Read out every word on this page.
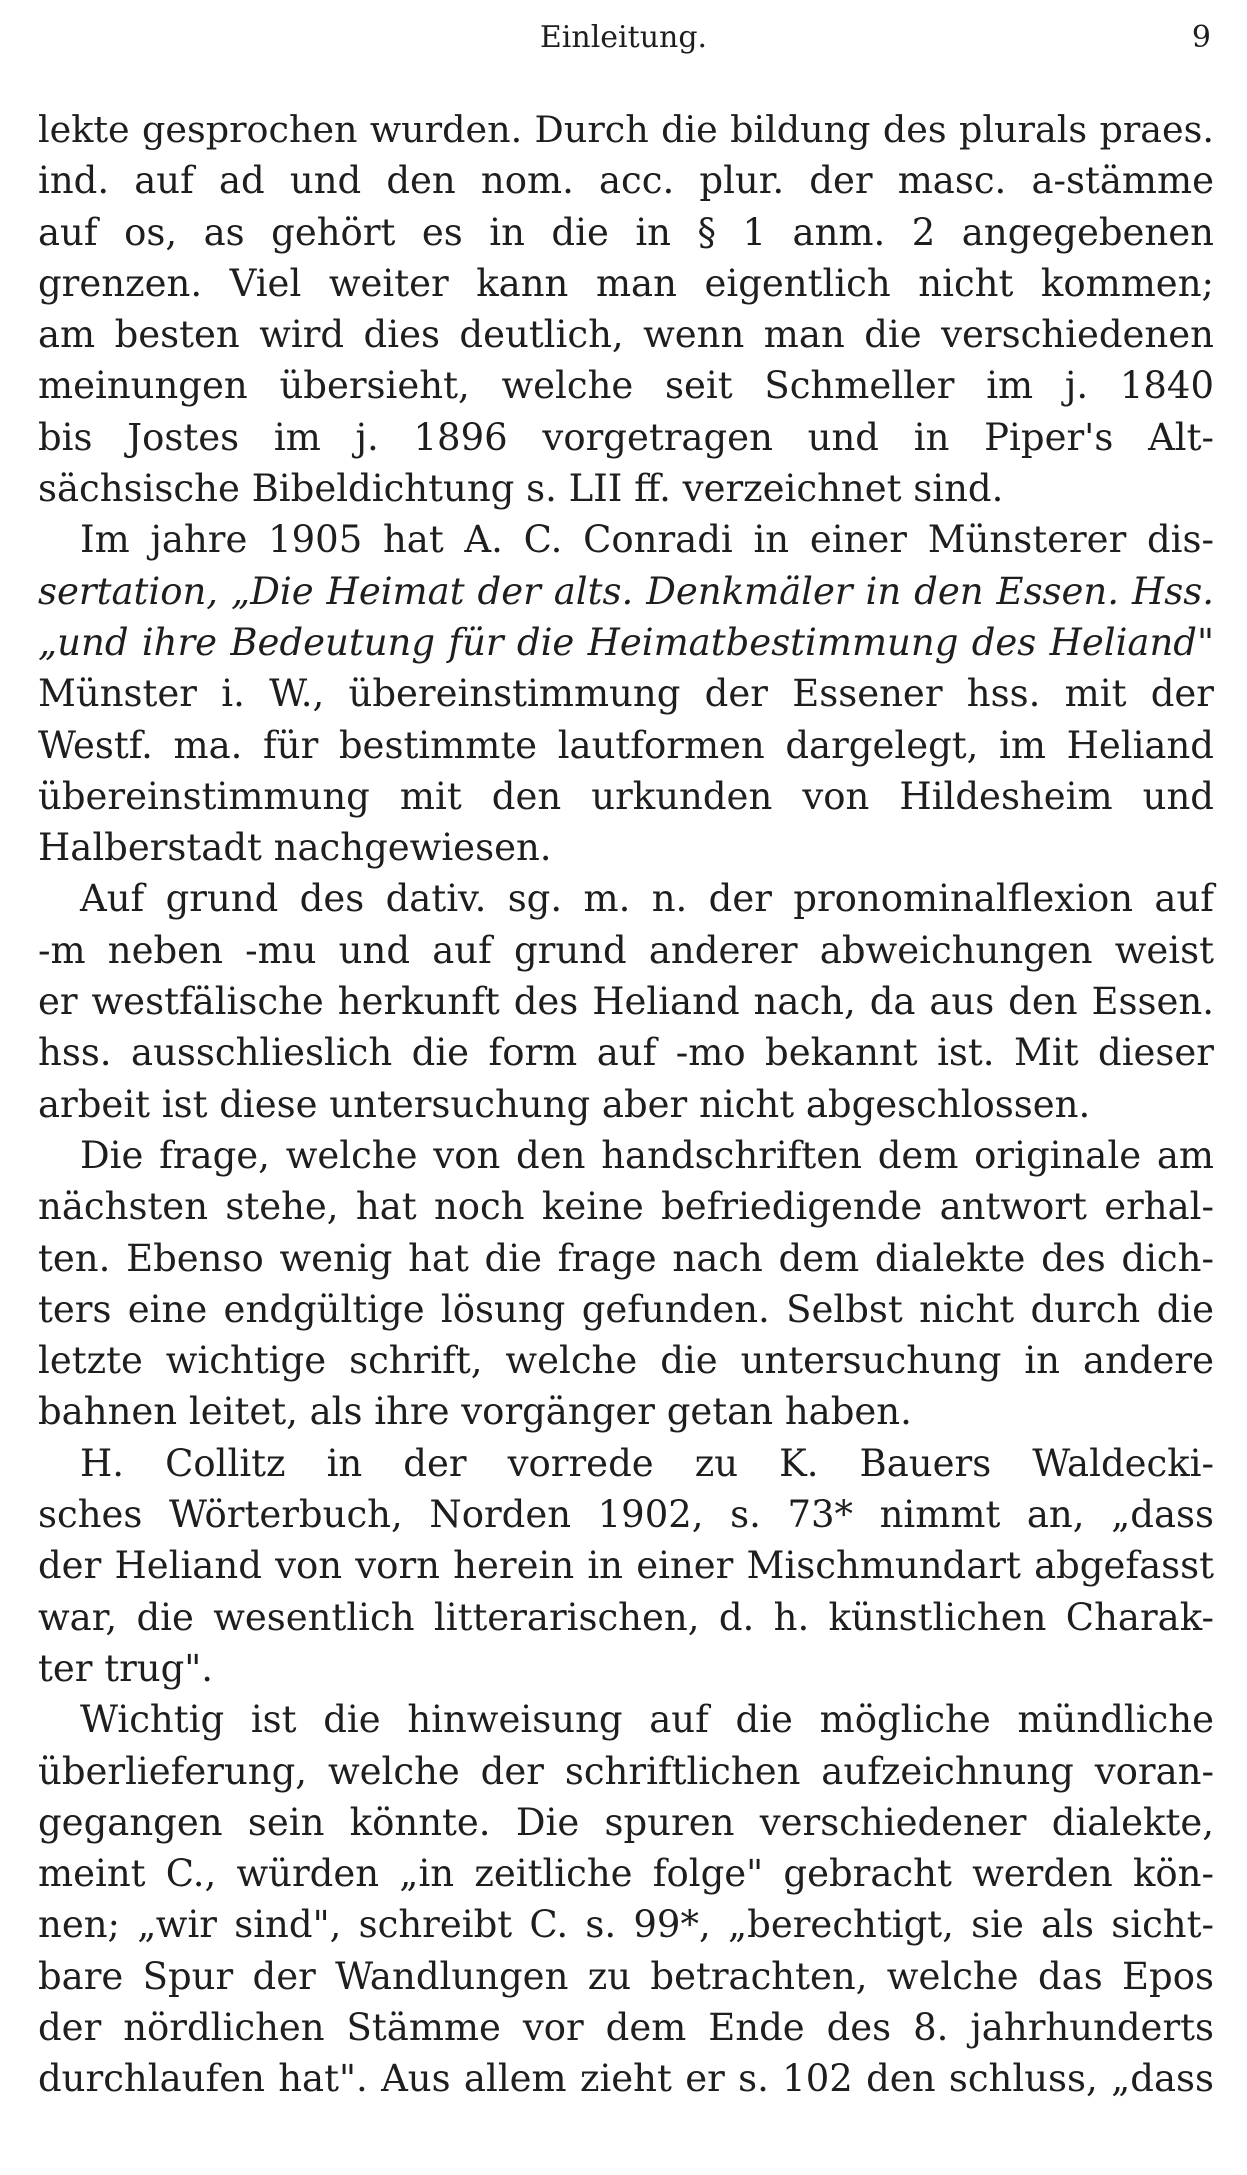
Einleitung.	9
lekte gesprochen wurden. Durch die bildung des plurals praes.
ind. auf ad und den nom. acc. plur. der masc. a-stämme
auf os, as gehört es in die in § 1 anm. 2 angegebenen
grenzen. Viel weiter kann man eigentlich nicht kommen;
am besten wird dies deutlich, wenn man die verschiedenen
meinungen übersieht, welche seit Schmeller im j. 1840
bis Jostes im j. 1896 vorgetragen und in Piper's Alt-
sächsische Bibeldichtung s. LII ff. verzeichnet sind.
Im jahre 1905 hat A. C. Conradi in einer Münsterer dis-
sertation, „Die Heimat der alts. Denkmäler in den Essen. Hss.
„und ihre Bedeutung für die Heimatbestimmung des Heliand"
Münster i. W., übereinstimmung der Essener hss. mit der
Westf. ma. für bestimmte lautformen dargelegt, im Heliand
übereinstimmung mit den urkunden von Hildesheim und
Halberstadt nachgewiesen.
Auf grund des dativ. sg. m. n. der pronominalflexion auf
-m neben -mu und auf grund anderer abweichungen weist
er westfälische herkunft des Heliand nach, da aus den Essen.
hss. ausschlieslich die form auf -mo bekannt ist. Mit dieser
arbeit ist diese untersuchung aber nicht abgeschlossen.
Die frage, welche von den handschriften dem originale am
nächsten stehe, hat noch keine befriedigende antwort erhal-
ten. Ebenso wenig hat die frage nach dem dialekte des dich-
ters eine endgültige lösung gefunden. Selbst nicht durch die
letzte wichtige schrift, welche die untersuchung in andere
bahnen leitet, als ihre vorgänger getan haben.
H. Collitz in der vorrede zu K. Bauers Waldecki-
sches Wörterbuch, Norden 1902, s. 73* nimmt an, „dass
der Heliand von vorn herein in einer Mischmundart abgefasst
war, die wesentlich litterarischen, d. h. künstlichen Charak-
ter trug".
Wichtig ist die hinweisung auf die mögliche mündliche
überlieferung, welche der schriftlichen aufzeichnung voran-
gegangen sein könnte. Die spuren verschiedener dialekte,
meint C., würden „in zeitliche folge" gebracht werden kön-
nen; „wir sind", schreibt C. s. 99*, „berechtigt, sie als sicht-
bare Spur der Wandlungen zu betrachten, welche das Epos
der nördlichen Stämme vor dem Ende des 8. jahrhunderts
durchlaufen hat". Aus allem zieht er s. 102 den schluss, „dass
